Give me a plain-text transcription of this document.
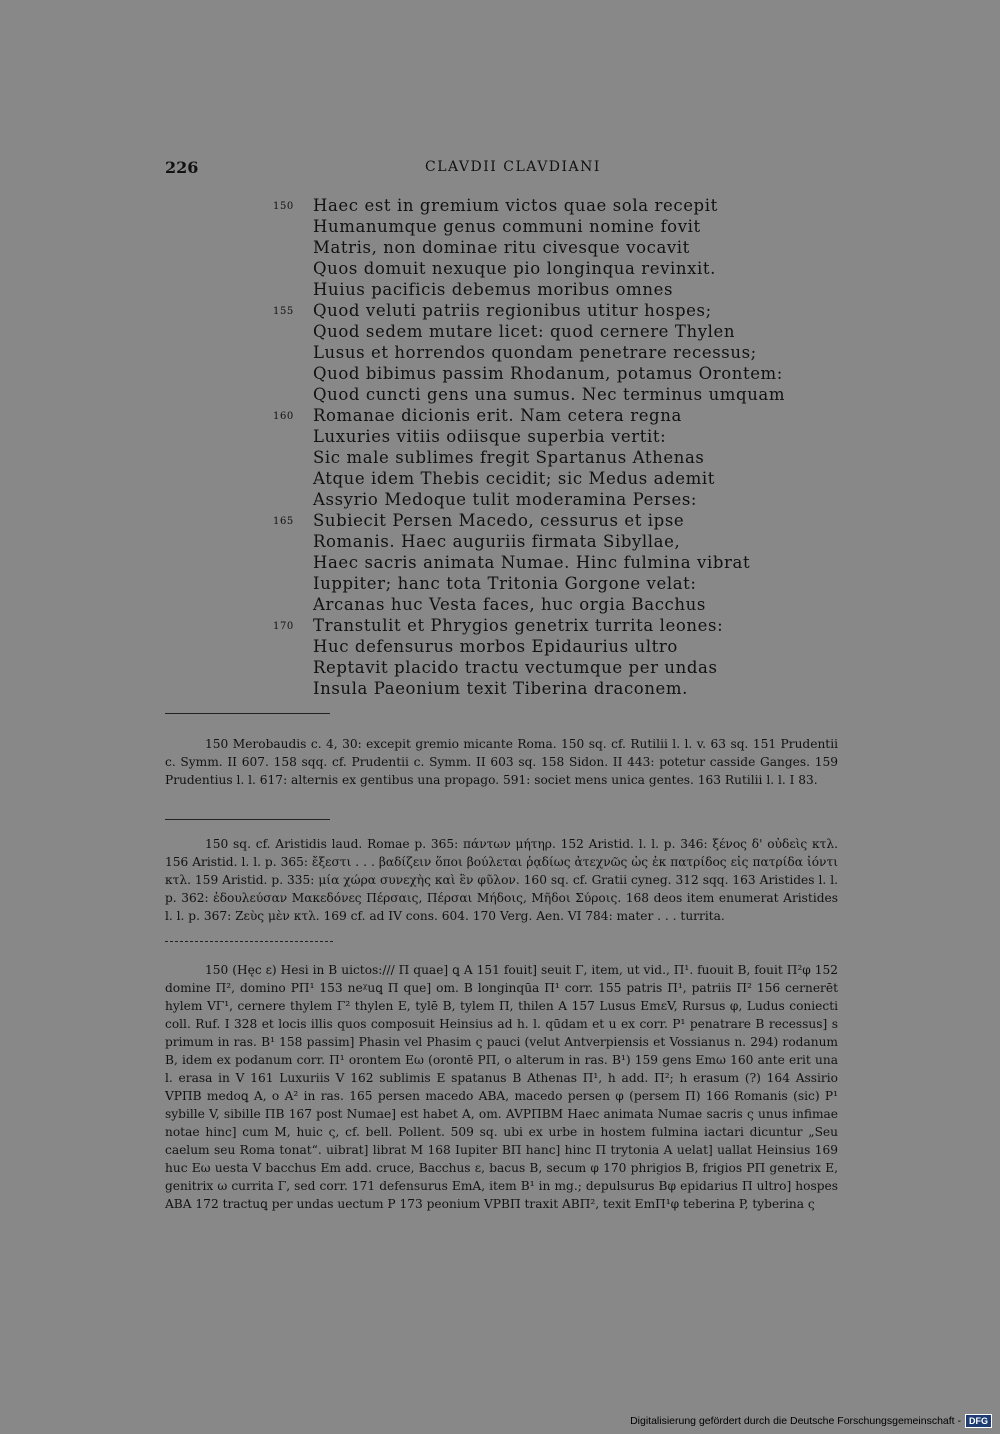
226	CLAVDII CLAVDIANI
150 Haec est in gremium victos quae sola recepit
Humanumque genus communi nomine fovit
Matris, non dominae ritu civesque vocavit
Quos domuit nexuque pio longinqua revinxit.
Huius pacificis debemus moribus omnes
155 Quod veluti patriis regionibus utitur hospes;
Quod sedem mutare licet: quod cernere Thylen
Lusus et horrendos quondam penetrare recessus;
Quod bibimus passim Rhodanum, potamus Orontem:
Quod cuncti gens una sumus. Nec terminus umquam
160 Romanae dicionis erit. Nam cetera regna
Luxuries vitiis odiisque superbia vertit:
Sic male sublimes fregit Spartanus Athenas
Atque idem Thebis cecidit; sic Medus ademit
Assyrio Medoque tulit moderamina Perses:
165 Subiecit Persen Macedo, cessurus et ipse
Romanis. Haec auguriis firmata Sibyllae,
Haec sacris animata Numae. Hinc fulmina vibrat
Iuppiter; hanc tota Tritonia Gorgone velat:
Arcanas huc Vesta faces, huc orgia Bacchus
170 Transtulit et Phrygios genetrix turrita leones:
Huc defensurus morbos Epidaurius ultro
Reptavit placido tractu vectumque per undas
Insula Paeonium texit Tiberina draconem.

150 Merobaudis c. 4, 30: excepit gremio micante Roma. 150 sq. cf. Rutilii l. l. v. 63 sq. 151 Prudentii c. Symm. II 607. 158 sqq. cf. Prudentii c. Symm. II 603 sq. 158 Sidon. II 443: potetur casside Ganges. 159 Prudentius l. l. 617: alternis ex gentibus una propago. 591: societ mens unica gentes. 163 Rutilii l. l. I 83.

150 sq. cf. Aristidis laud. Romae p. 365: πάντων μήτηρ. 152 Aristid. l. l. p. 346: ξένος δ' οὐδεὶς κτλ. 156 Aristid. l. l. p. 365: ἔξεστι . . . βαδίζειν ὅποι βούλεται ῥᾳδίως ἀτεχνῶς ὡς ἐκ πατρίδος εἰς πατρίδα ἰόντι κτλ. 159 Aristid. p. 335: μία χώρα συνεχὴς καὶ ἓν φῦλον. 160 sq. cf. Gratii cyneg. 312 sqq. 163 Aristides l. l. p. 362: ἐδουλεύσαν Μακεδόνες Πέρσαις, Πέρσαι Μήδοις, Μῆδοι Σύροις. 168 deos item enumerat Aristides l. l. p. 367: Ζεὺς μὲν κτλ. 169 cf. ad IV cons. 604. 170 Verg. Aen. VI 784: mater . . . turrita.

150 (Hęc ε) Hesi in B uictos:/// Π quae] ꝗ A 151 fouit] seuit Γ, item, ut vid., Π¹. fuouit B, fouit Π²φ 152 domine Π², domino PΠ¹ 153 neᵡuꝗ Π que] om. B longinqūa Π¹ corr. 155 patris Π¹, patriis Π² 156 cernerēt hylem VΓ¹, cernere thylem Γ² thylen E, tylē B, tylem Π, thilen A 157 Lusus EmεV, Rursus φ, Ludus coniecti coll. Ruf. I 328 et locis illis quos composuit Heinsius ad h. l. qūdam et u ex corr. P¹ penatrare B recessus] s primum in ras. B¹ 158 passim] Phasin vel Phasim ς pauci (velut Antverpiensis et Vossianus n. 294) rodanum B, idem ex podanum corr. Π¹ orontem Eω (orontē PΠ, o alterum in ras. B¹) 159 gens Emω 160 ante erit una l. erasa in V 161 Luxuriis V 162 sublimis E spatanus B Athenas Π¹, h add. Π²; h erasum (?) 164 Assirio VPΠB medoꝗ A, o A² in ras. 165 persen macedo ABA, macedo persen φ (persem Π) 166 Romanis (sic) P¹ sybille V, sibille ΠB 167 post Numae] est habet A, om. AVPΠBM Haec animata Numae sacris ς unus infimae notae hinc] cum M, huic ς, cf. bell. Pollent. 509 sq. ubi ex urbe in hostem fulmina iactari dicuntur „Seu caelum seu Roma tonat“. uibrat] librat M 168 Iupiter BΠ hanc] hinc Π trytonia A uelat] uallat Heinsius 169 huc Eω uesta V bacchus Em add. cruce, Bacchus ε, bacus B, secum φ 170 phrigios B, frigios PΠ genetrix E, genitrix ω currita Γ, sed corr. 171 defensurus EmA, item B¹ in mg.; depulsurus Bφ epidarius Π ultro] hospes ABA 172 tractuꝗ per undas uectum P 173 peonium VPBΠ traxit ABΠ², texit EmΠ¹φ teberina P, tyberina ς

Digitalisierung gefördert durch die Deutsche Forschungsgemeinschaft - DFG
